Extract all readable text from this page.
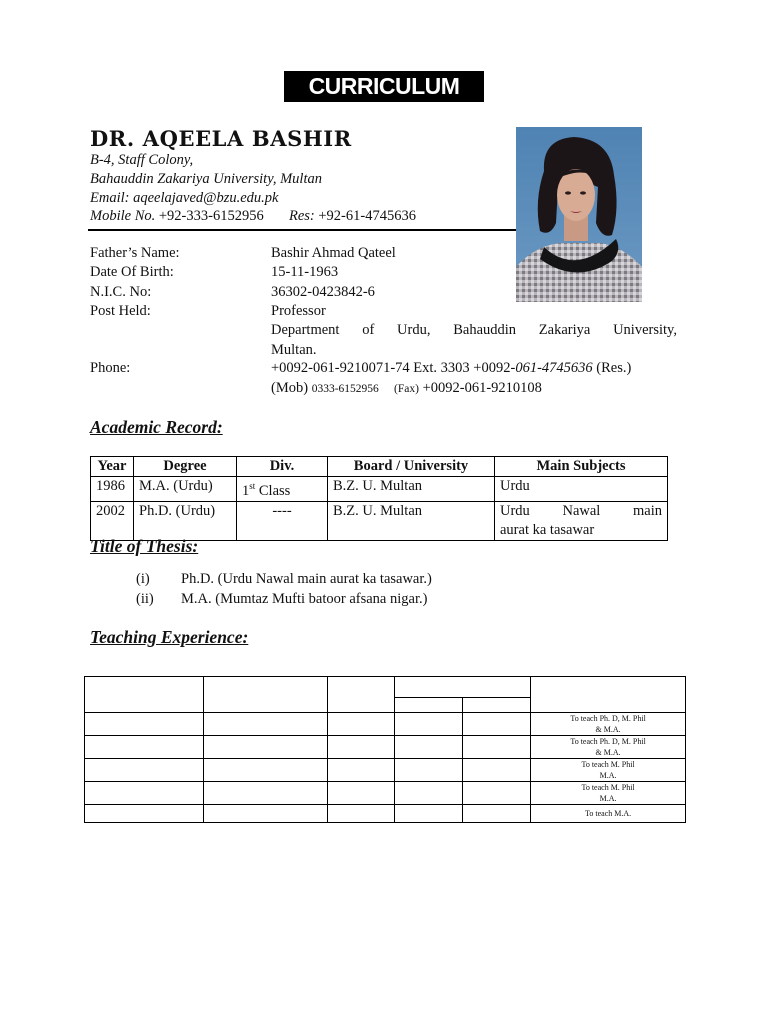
CURRICULUM VITAE
DR. AQEELA BASHIR
B-4, Staff Colony,
Bahauddin Zakariya University, Multan
Email: aqeelajaved@bzu.edu.pk
Mobile No. +92-333-6152956 Res: +92-61-4745636
Father’s Name:	Bashir Ahmad Qateel
Date Of Birth:	15-11-1963
N.I.C. No:	36302-0423842-6
Post Held:	Professor
Department of Urdu, Bahauddin Zakariya University,
Multan.
Phone:	+0092-061-9210071-74 Ext. 3303 +0092-061-4745636 (Res.)
(Mob) 0333-6152956 (Fax) +0092-061-9210108
Academic Record:
Year	Degree	Div.	Board / University	Main Subjects
1986	M.A. (Urdu)	1st Class	B.Z. U. Multan	Urdu
2002	Ph.D. (Urdu)	----	B.Z. U. Multan	Urdu    Nawal    main
aurat ka tasawar
Title of Thesis:
(i) Ph.D. (Urdu Nawal main aurat ka tasawar.)
(ii) M.A. (Mumtaz Mufti batoor afsana nigar.)
Teaching Experience:

					To teach Ph. D, M. Phil
& M.A.

					To teach Ph. D, M. Phil
& M.A.

					To teach M. Phil
M.A.

					To teach M. Phil
M.A.

					To teach M.A.
